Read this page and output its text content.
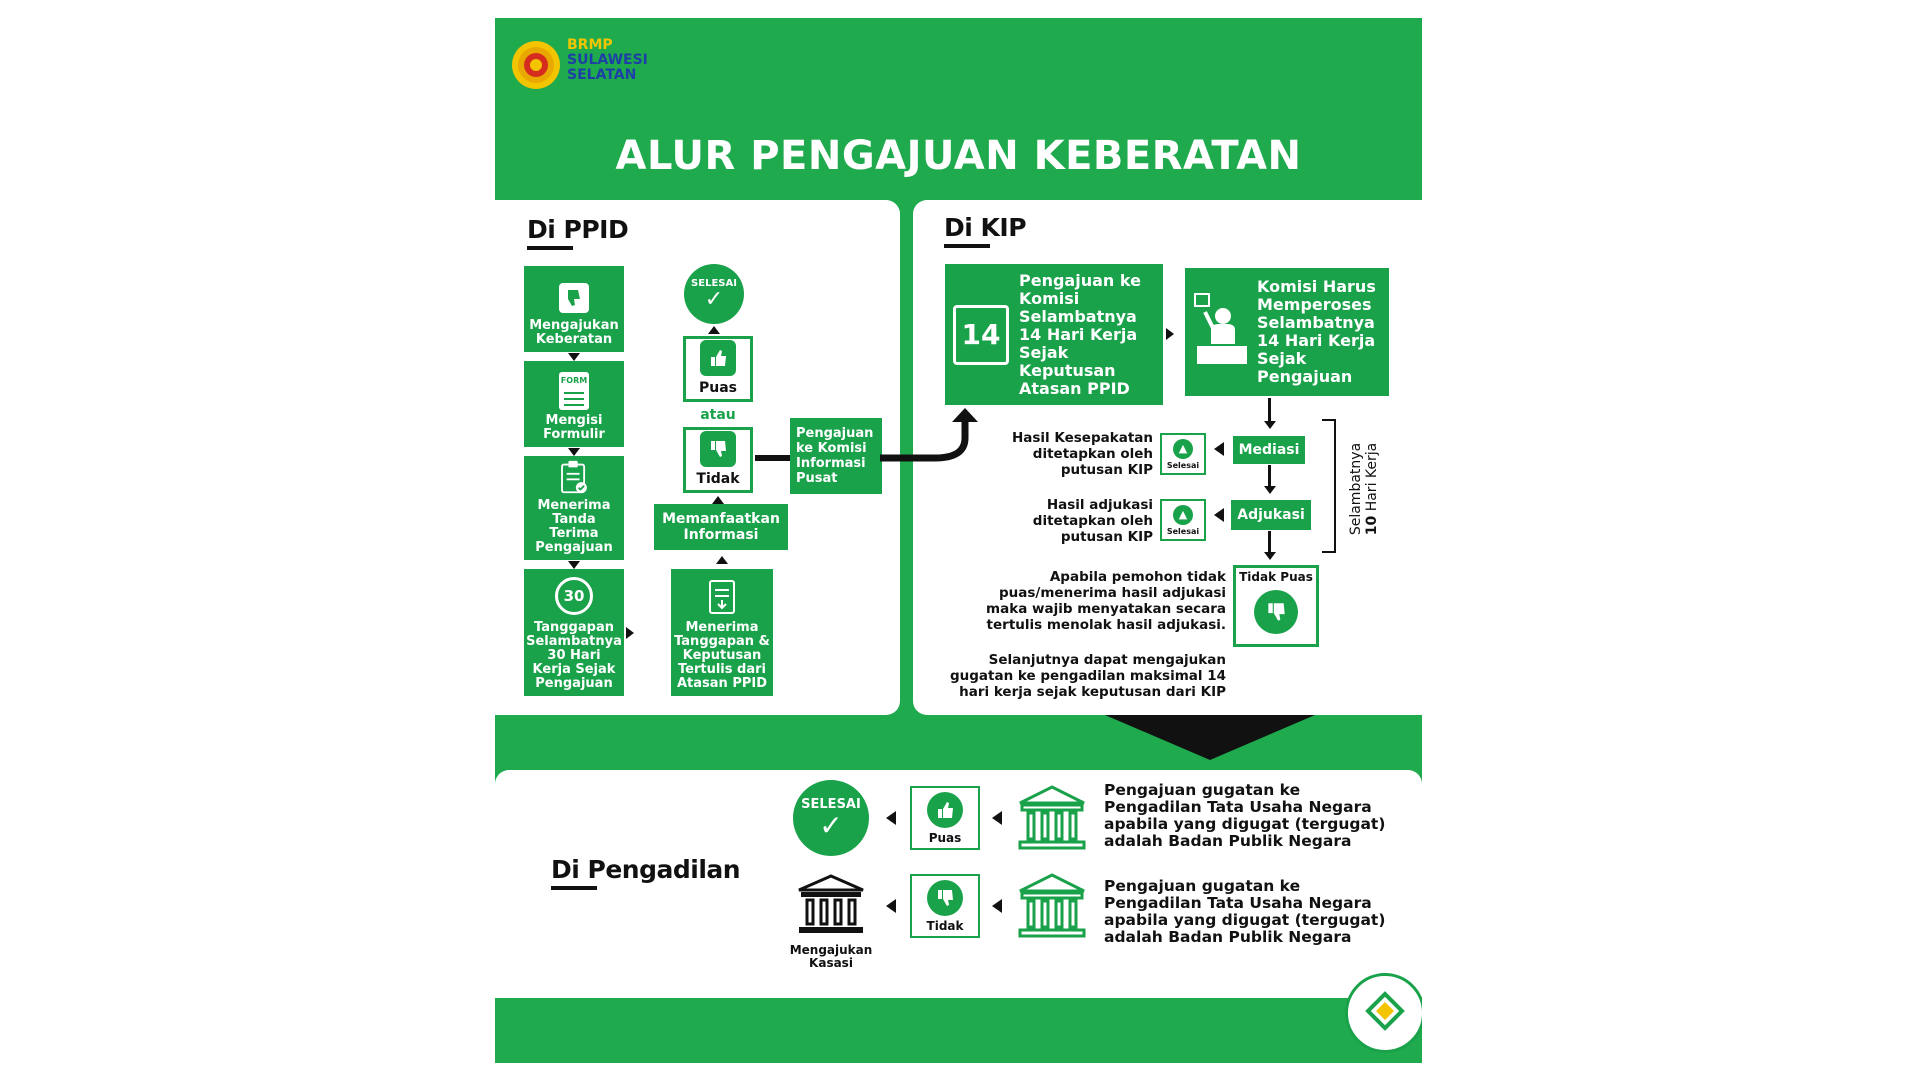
BRMP
SULAWESI
SELATAN
ALUR PENGAJUAN KEBERATAN
Di PPID
Mengajukan Keberatan
FORM
Mengisi Formulir
Menerima Tanda Terima Pengajuan
30
Tanggapan Selambatnya 30 Hari Kerja Sejak Pengajuan
SELESAI
✓
Puas
atau
Tidak
Memanfaatkan Informasi
Menerima Tanggapan & Keputusan Tertulis dari Atasan PPID
Pengajuan ke Komisi Informasi Pusat
Di KIP
14
Pengajuan ke Komisi Selambatnya 14 Hari Kerja Sejak Keputusan Atasan PPID
Komisi Harus Memperoses Selambatnya 14 Hari Kerja Sejak Pengajuan
Mediasi
Adjukasi	Selambatnya 10 Hari Kerja
▲
Selesai
Hasil Kesepakatan ditetapkan oleh putusan KIP
▲
Selesai
Hasil adjukasi ditetapkan oleh putusan KIP
Tidak Puas
Apabila pemohon tidak puas/menerima hasil adjukasi maka wajib menyatakan secara tertulis menolak hasil adjukasi.
Selanjutnya dapat mengajukan gugatan ke pengadilan maksimal 14 hari kerja sejak keputusan dari KIP
Di Pengadilan
SELESAI
✓	Puas
Pengajuan gugatan ke Pengadilan Tata Usaha Negara apabila yang digugat (tergugat) adalah Badan Publik Negara
Mengajukan Kasasi
Tidak
Pengajuan gugatan ke Pengadilan Tata Usaha Negara apabila yang digugat (tergugat) adalah Badan Publik Negara
